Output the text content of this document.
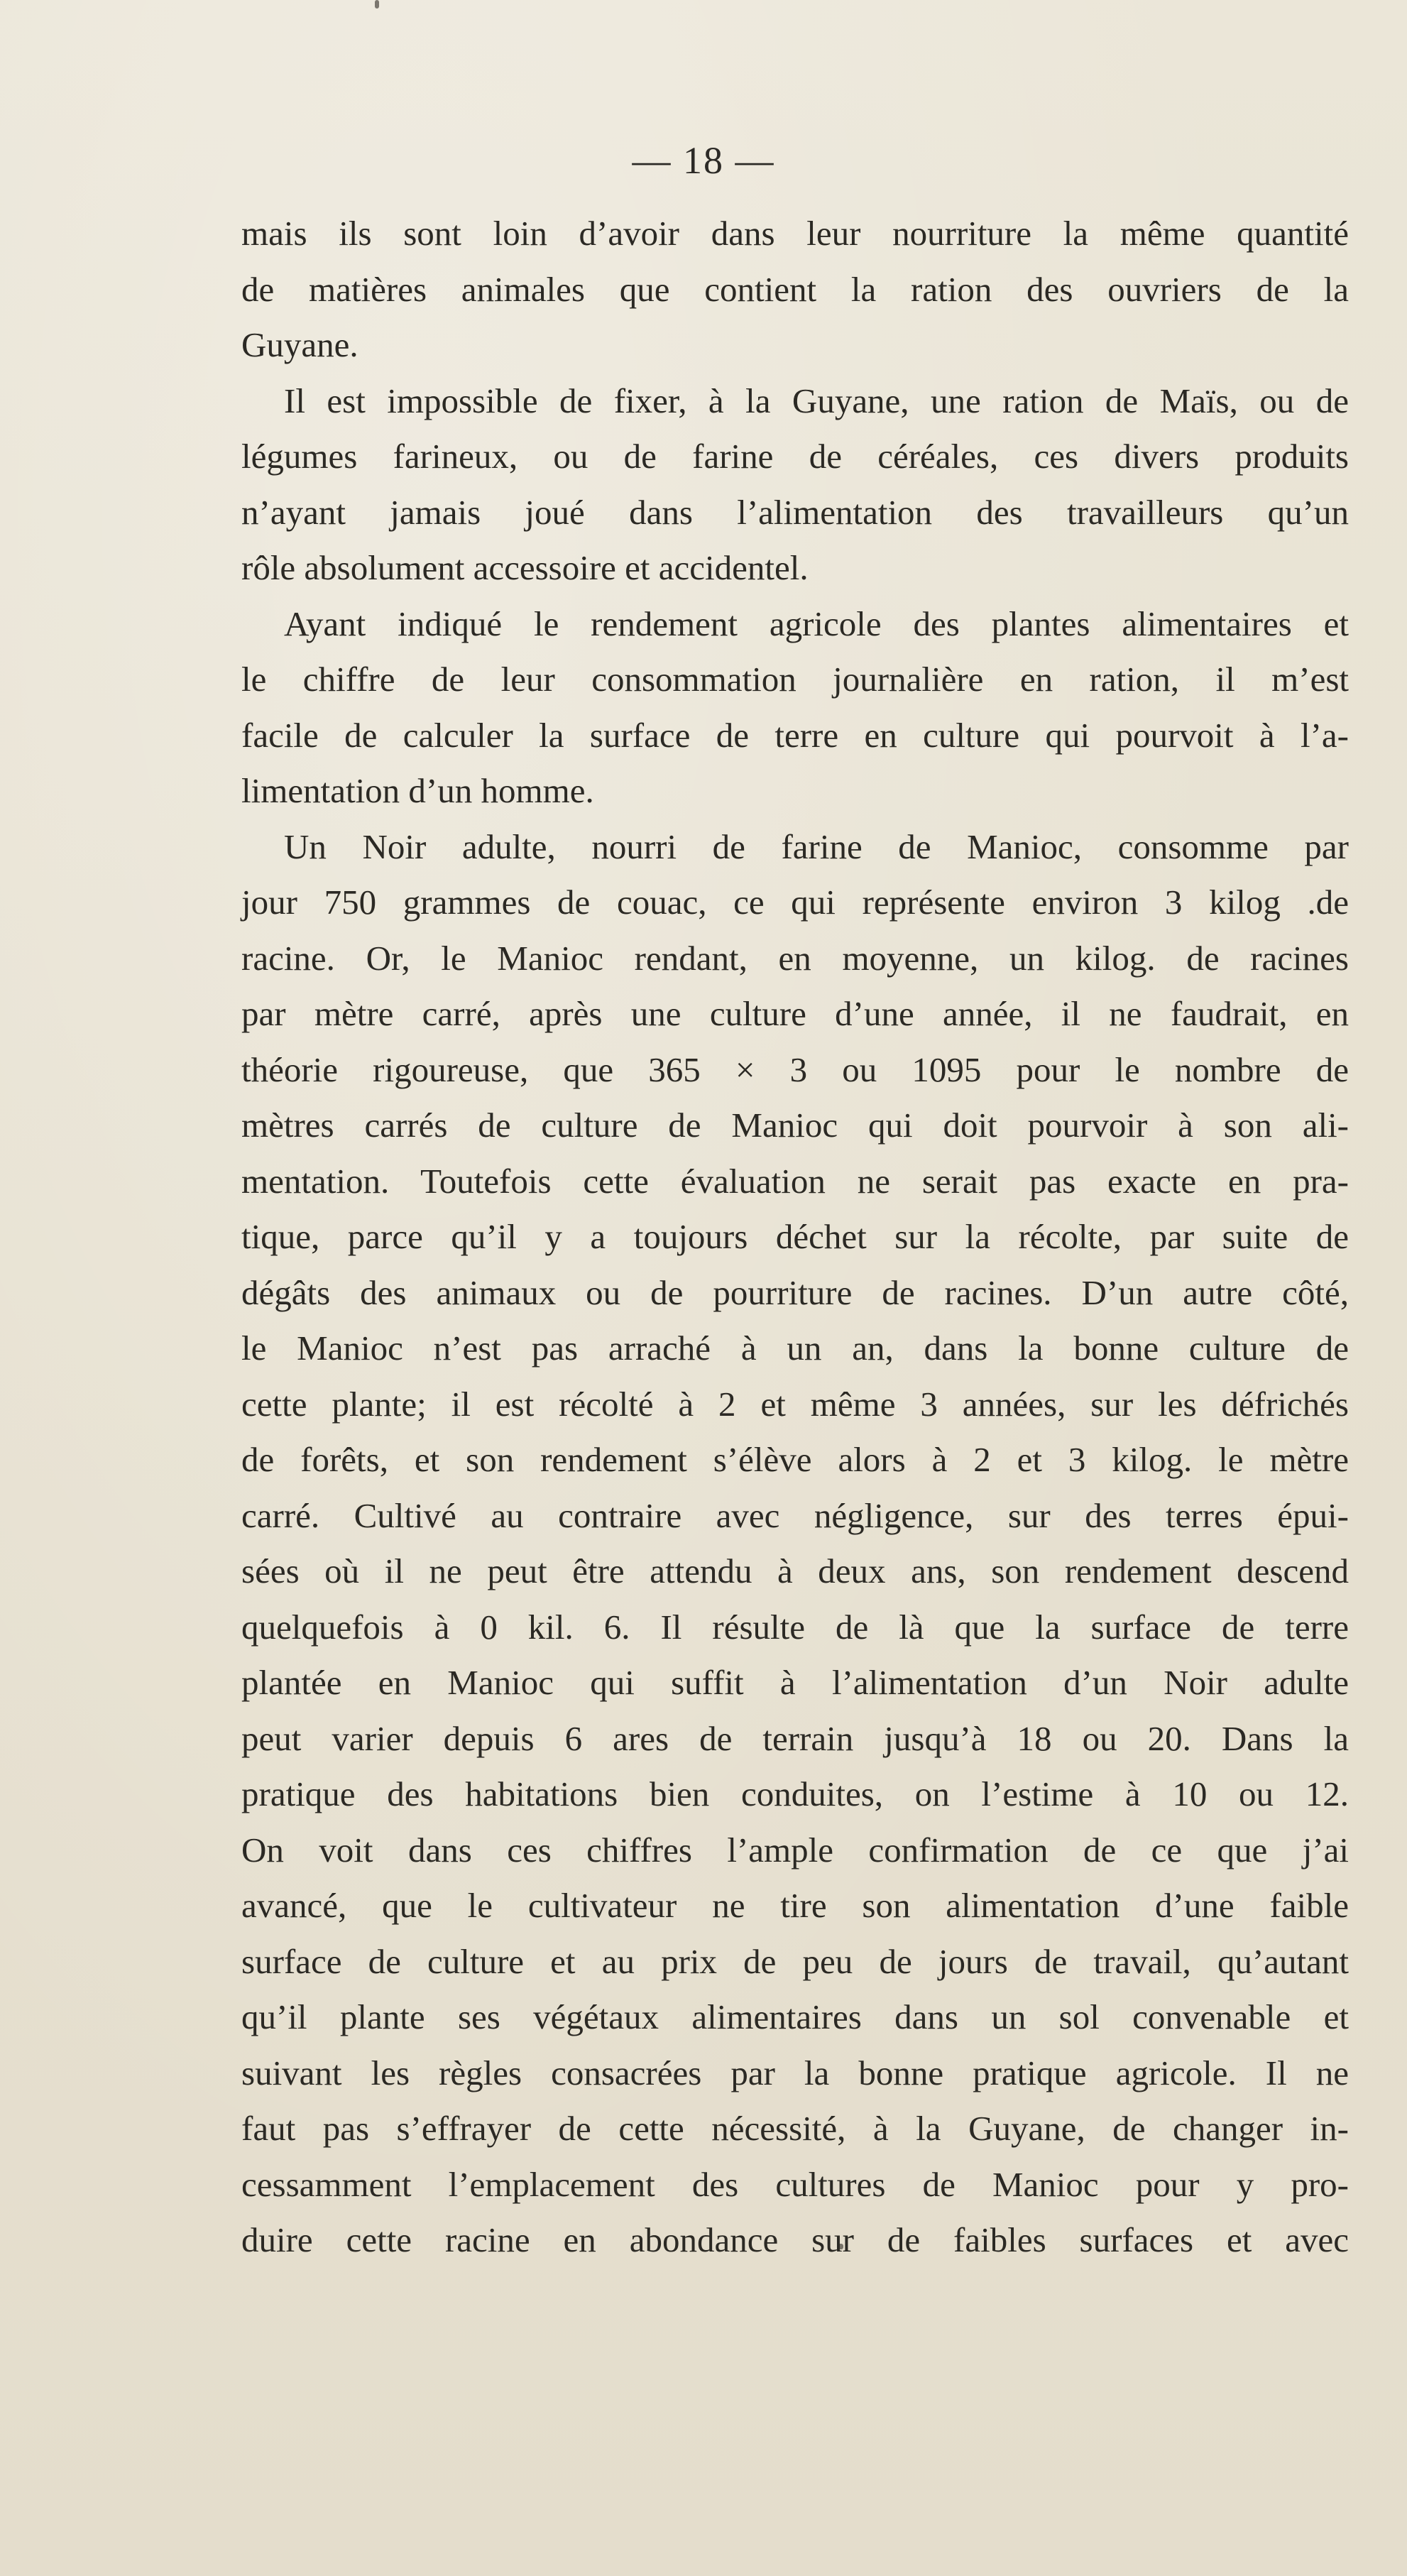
— 18 —
mais ils sont loin d’avoir dans leur nourriture la même quantité
de matières animales que contient la ration des ouvriers de la
Guyane.
Il est impossible de fixer, à la Guyane, une ration de Maïs, ou de
légumes farineux, ou de farine de céréales, ces divers produits
n’ayant jamais joué dans l’alimentation des travailleurs qu’un
rôle absolument accessoire et accidentel.
Ayant indiqué le rendement agricole des plantes alimentaires et
le chiffre de leur consommation journalière en ration, il m’est
facile de calculer la surface de terre en culture qui pourvoit à l’a-
limentation d’un homme.
Un Noir adulte, nourri de farine de Manioc, consomme par
jour 750 grammes de couac, ce qui représente environ 3 kilog .de
racine. Or, le Manioc rendant, en moyenne, un kilog. de racines
par mètre carré, après une culture d’une année, il ne faudrait, en
théorie rigoureuse, que 365 × 3 ou 1095 pour le nombre de
mètres carrés de culture de Manioc qui doit pourvoir à son ali-
mentation. Toutefois cette évaluation ne serait pas exacte en pra-
tique, parce qu’il y a toujours déchet sur la récolte, par suite de
dégâts des animaux ou de pourriture de racines. D’un autre côté,
le Manioc n’est pas arraché à un an, dans la bonne culture de
cette plante; il est récolté à 2 et même 3 années, sur les défrichés
de forêts, et son rendement s’élève alors à 2 et 3 kilog. le mètre
carré. Cultivé au contraire avec négligence, sur des terres épui-
sées où il ne peut être attendu à deux ans, son rendement descend
quelquefois à 0 kil. 6. Il résulte de là que la surface de terre
plantée en Manioc qui suffit à l’alimentation d’un Noir adulte
peut varier depuis 6 ares de terrain jusqu’à 18 ou 20. Dans la
pratique des habitations bien conduites, on l’estime à 10 ou 12.
On voit dans ces chiffres l’ample confirmation de ce que j’ai
avancé, que le cultivateur ne tire son alimentation d’une faible
surface de culture et au prix de peu de jours de travail, qu’autant
qu’il plante ses végétaux alimentaires dans un sol convenable et
suivant les règles consacrées par la bonne pratique agricole. Il ne
faut pas s’effrayer de cette nécessité, à la Guyane, de changer in-
cessamment l’emplacement des cultures de Manioc pour y pro-
duire cette racine en abondance sur de faibles surfaces et avec
